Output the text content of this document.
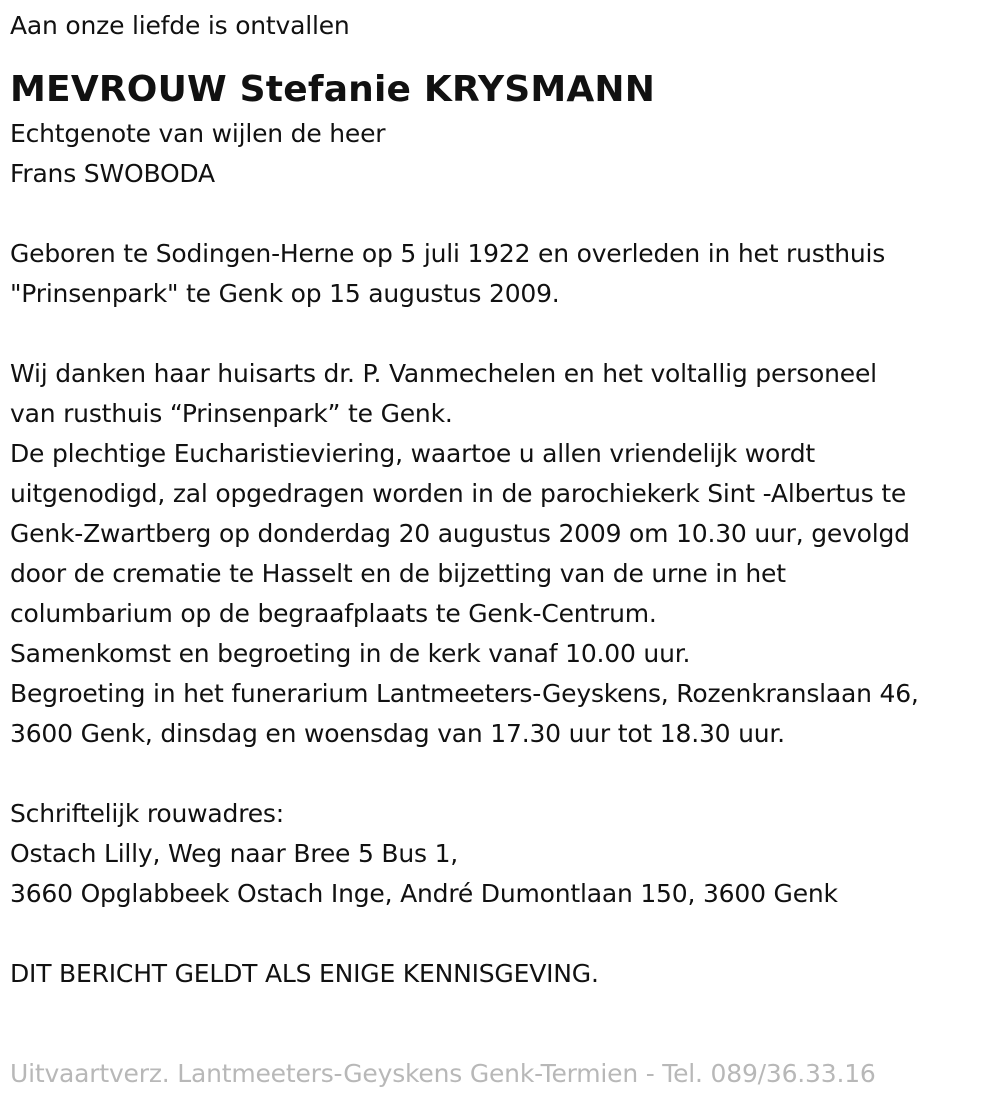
Aan onze liefde is ontvallen
MEVROUW Stefanie KRYSMANN
Echtgenote van wijlen de heer
Frans SWOBODA
Geboren te Sodingen-Herne op 5 juli 1922 en overleden in het rusthuis
"Prinsenpark" te Genk op 15 augustus 2009.
Wij danken haar huisarts dr. P. Vanmechelen en het voltallig personeel
van rusthuis “Prinsenpark” te Genk.
De plechtige Eucharistieviering, waartoe u allen vriendelijk wordt
uitgenodigd, zal opgedragen worden in de parochiekerk Sint -Albertus te
Genk-Zwartberg op donderdag 20 augustus 2009 om 10.30 uur, gevolgd
door de crematie te Hasselt en de bijzetting van de urne in het
columbarium op de begraafplaats te Genk-Centrum.
Samenkomst en begroeting in de kerk vanaf 10.00 uur.
Begroeting in het funerarium Lantmeeters-Geyskens, Rozenkranslaan 46,
3600 Genk, dinsdag en woensdag van 17.30 uur tot 18.30 uur.
Schriftelijk rouwadres:
Ostach Lilly, Weg naar Bree 5 Bus 1,
3660 Opglabbeek Ostach Inge, André Dumontlaan 150, 3600 Genk
DIT BERICHT GELDT ALS ENIGE KENNISGEVING.
Uitvaartverz. Lantmeeters-Geyskens Genk-Termien - Tel. 089/36.33.16
